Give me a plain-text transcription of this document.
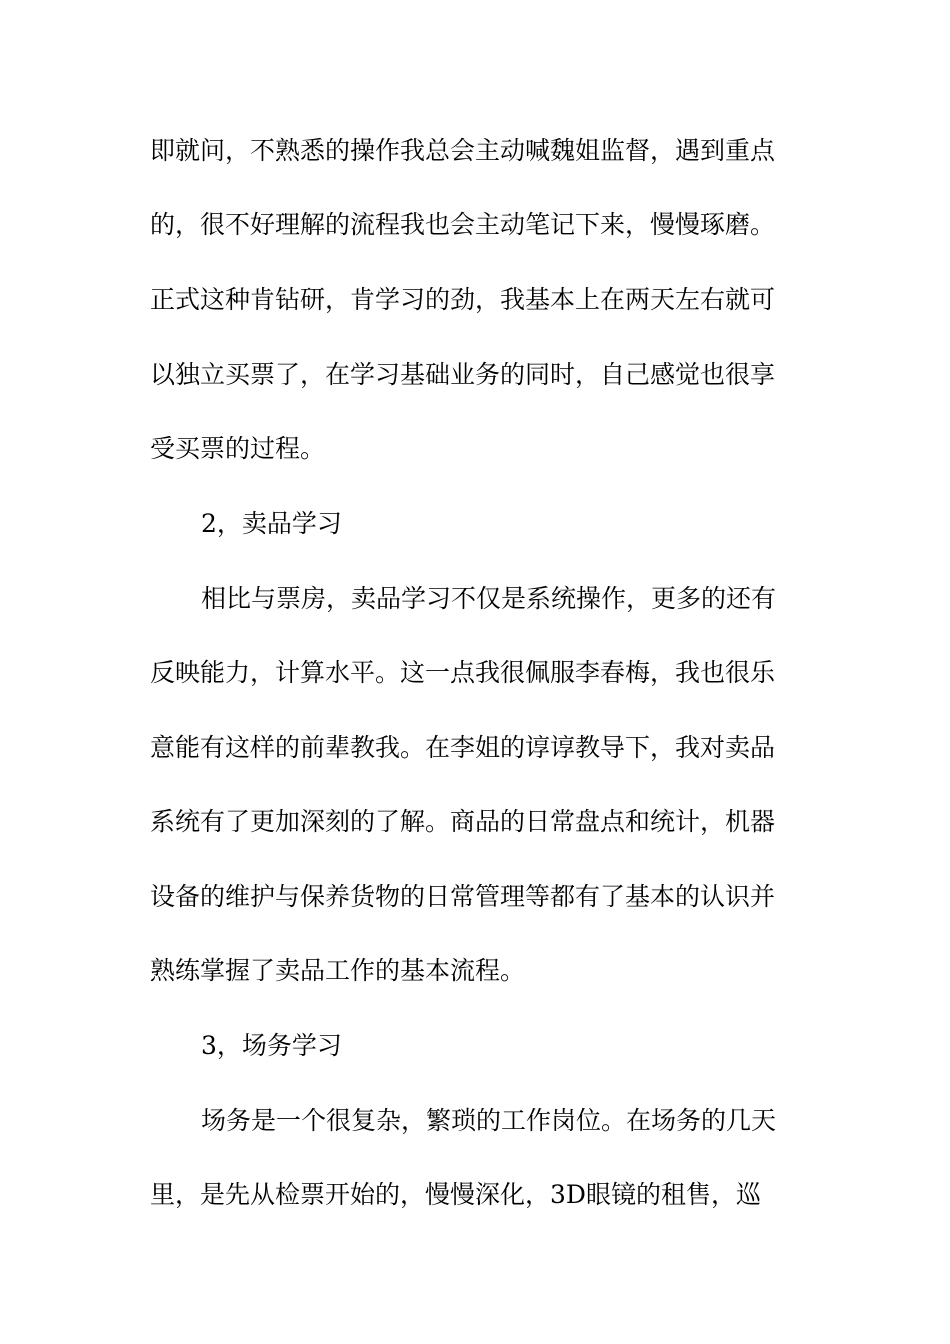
即就问，不熟悉的操作我总会主动喊魏姐监督，遇到重点
的，很不好理解的流程我也会主动笔记下来，慢慢琢磨。
正式这种肯钻研，肯学习的劲，我基本上在两天左右就可
以独立买票了，在学习基础业务的同时，自己感觉也很享
受买票的过程。
2，卖品学习
相比与票房，卖品学习不仅是系统操作，更多的还有
反映能力，计算水平。这一点我很佩服李春梅，我也很乐
意能有这样的前辈教我。在李姐的谆谆教导下，我对卖品
系统有了更加深刻的了解。商品的日常盘点和统计，机器
设备的维护与保养货物的日常管理等都有了基本的认识并
熟练掌握了卖品工作的基本流程。
3，场务学习
场务是一个很复杂，繁琐的工作岗位。在场务的几天
里，是先从检票开始的，慢慢深化，3D眼镜的租售，巡
